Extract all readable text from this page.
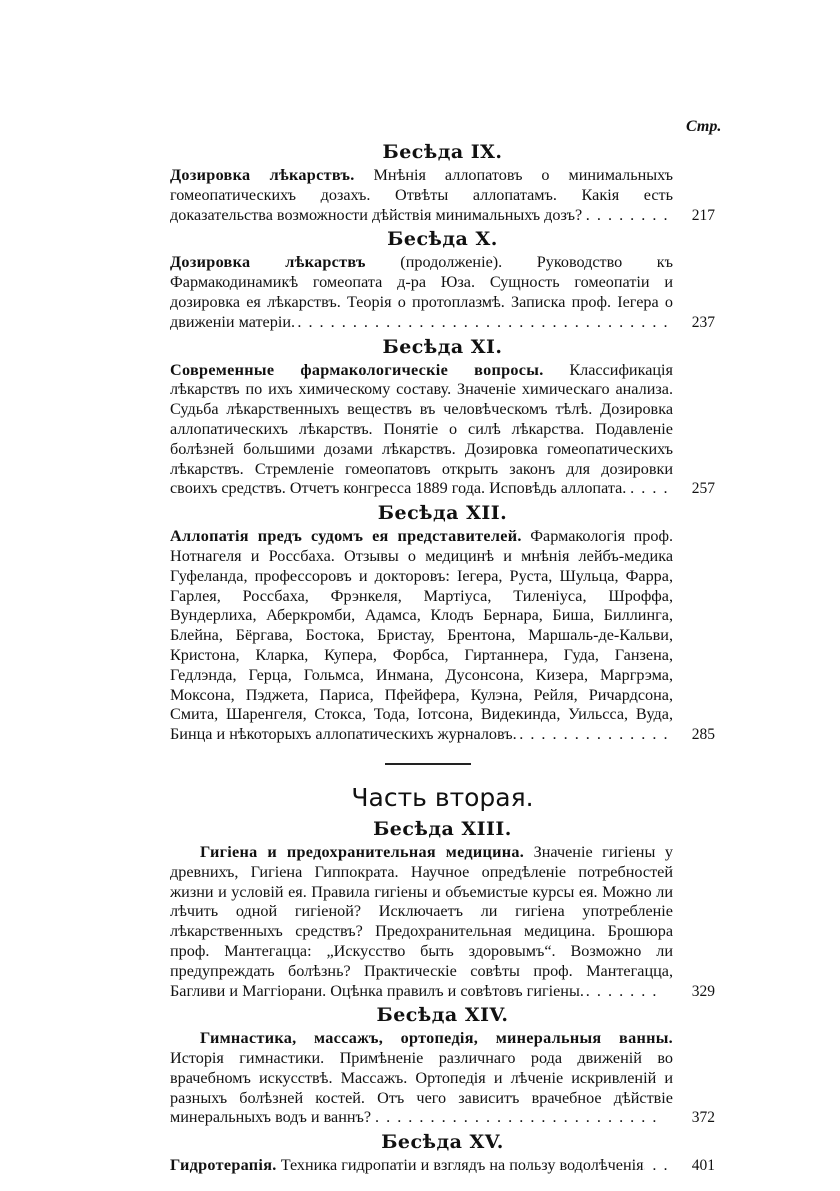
Стр.
Бесѣда IX.

Дозировка лѣкарствъ. Мнѣнія аллопатовъ о минимальныхъ гомеопатическихъ дозахъ. Отвѣты аллопатамъ. Какія есть доказательства возможности дѣйствія минимальныхъ дозъ?	217
. . .

Бесѣда X.

Дозировка лѣкарствъ (продолженіе). Руководство къ Фармакодинамикѣ гомеопата д-ра Юза. Сущность гомеопатіи и дозировка ея лѣкарствъ. Теорія о протоплазмѣ. Записка проф. Іегера о движеніи матеріи.	237
. . .

Бесѣда XI.

Современные фармакологическіе вопросы. Классификація лѣкарствъ по ихъ химическому составу. Значеніе химическаго анализа. Судьба лѣкарственныхъ веществъ въ человѣческомъ тѣлѣ. Дозировка аллопатическихъ лѣкарствъ. Понятіе о силѣ лѣкарства. Подавленіе болѣзней большими дозами лѣкарствъ. Дозировка гомеопатическихъ лѣкарствъ. Стремленіе гомеопатовъ открыть законъ для дозировки своихъ средствъ. Отчетъ конгресса 1889 года. Исповѣдь аллопата.	257
. . .

Бесѣда XII.

Аллопатія предъ судомъ ея представителей. Фармакологія проф. Нотнагеля и Россбаха. Отзывы о медицинѣ и мнѣнія лейбъ-медика Гуфеланда, профессоровъ и докторовъ: Іегера, Руста, Шульца, Фарра, Гарлея, Россбаха, Фрэнкеля, Мартіуса, Тиленіуса, Шроффа, Вундерлиха, Аберкромби, Адамса, Клодъ Бернара, Биша, Биллинга, Блейна, Бёргава, Бостока, Бристау, Брентона, Маршаль-де-Кальви, Кристона, Кларка, Купера, Форбса, Гиртаннера, Гуда, Ганзена, Гедлэнда, Герца, Гольмса, Инмана, Дусонсона, Кизера, Маргрэма, Моксона, Пэджета, Париса, Пфейфера, Кулэна, Рейля, Ричардсона, Смита, Шаренгеля, Стокса, Тода, Іотсона, Видекинда, Уильсса, Вуда, Бинца и нѣкоторыхъ аллопатическихъ журналовъ.	285
. . .

Часть вторая.
Бесѣда XIII.

Гигіена и предохранительная медицина. Значеніе гигіены у древнихъ, Гигіена Гиппократа. Научное опредѣленіе потребностей жизни и условій ея. Правила гигіены и объемистые курсы ея. Можно ли лѣчить одной гигіеной? Исключаетъ ли гигіена употребленіе лѣкарственныхъ средствъ? Предохранительная медицина. Брошюра проф. Мантегацца: „Искусство быть здоровымъ“. Возможно ли предупреждать болѣзнь? Практическіе совѣты проф. Мантегацца, Багливи и Маггіорани. Оцѣнка правилъ и совѣтовъ гигіены.	329
. . .

Бесѣда XIV.

Гимнастика, массажъ, ортопедія, минеральныя ванны. Исторія гимнастики. Примѣненіе различнаго рода движеній во врачебномъ искусствѣ. Массажъ. Ортопедія и лѣченіе искривленій и разныхъ болѣзней костей. Отъ чего зависитъ врачебное дѣйствіе минеральныхъ водъ и ваннъ?	372
. . .

Бесѣда XV.

Гидротерапія. Техника гидропатіи и взглядъ на пользу водолѣченія	401
. . .
